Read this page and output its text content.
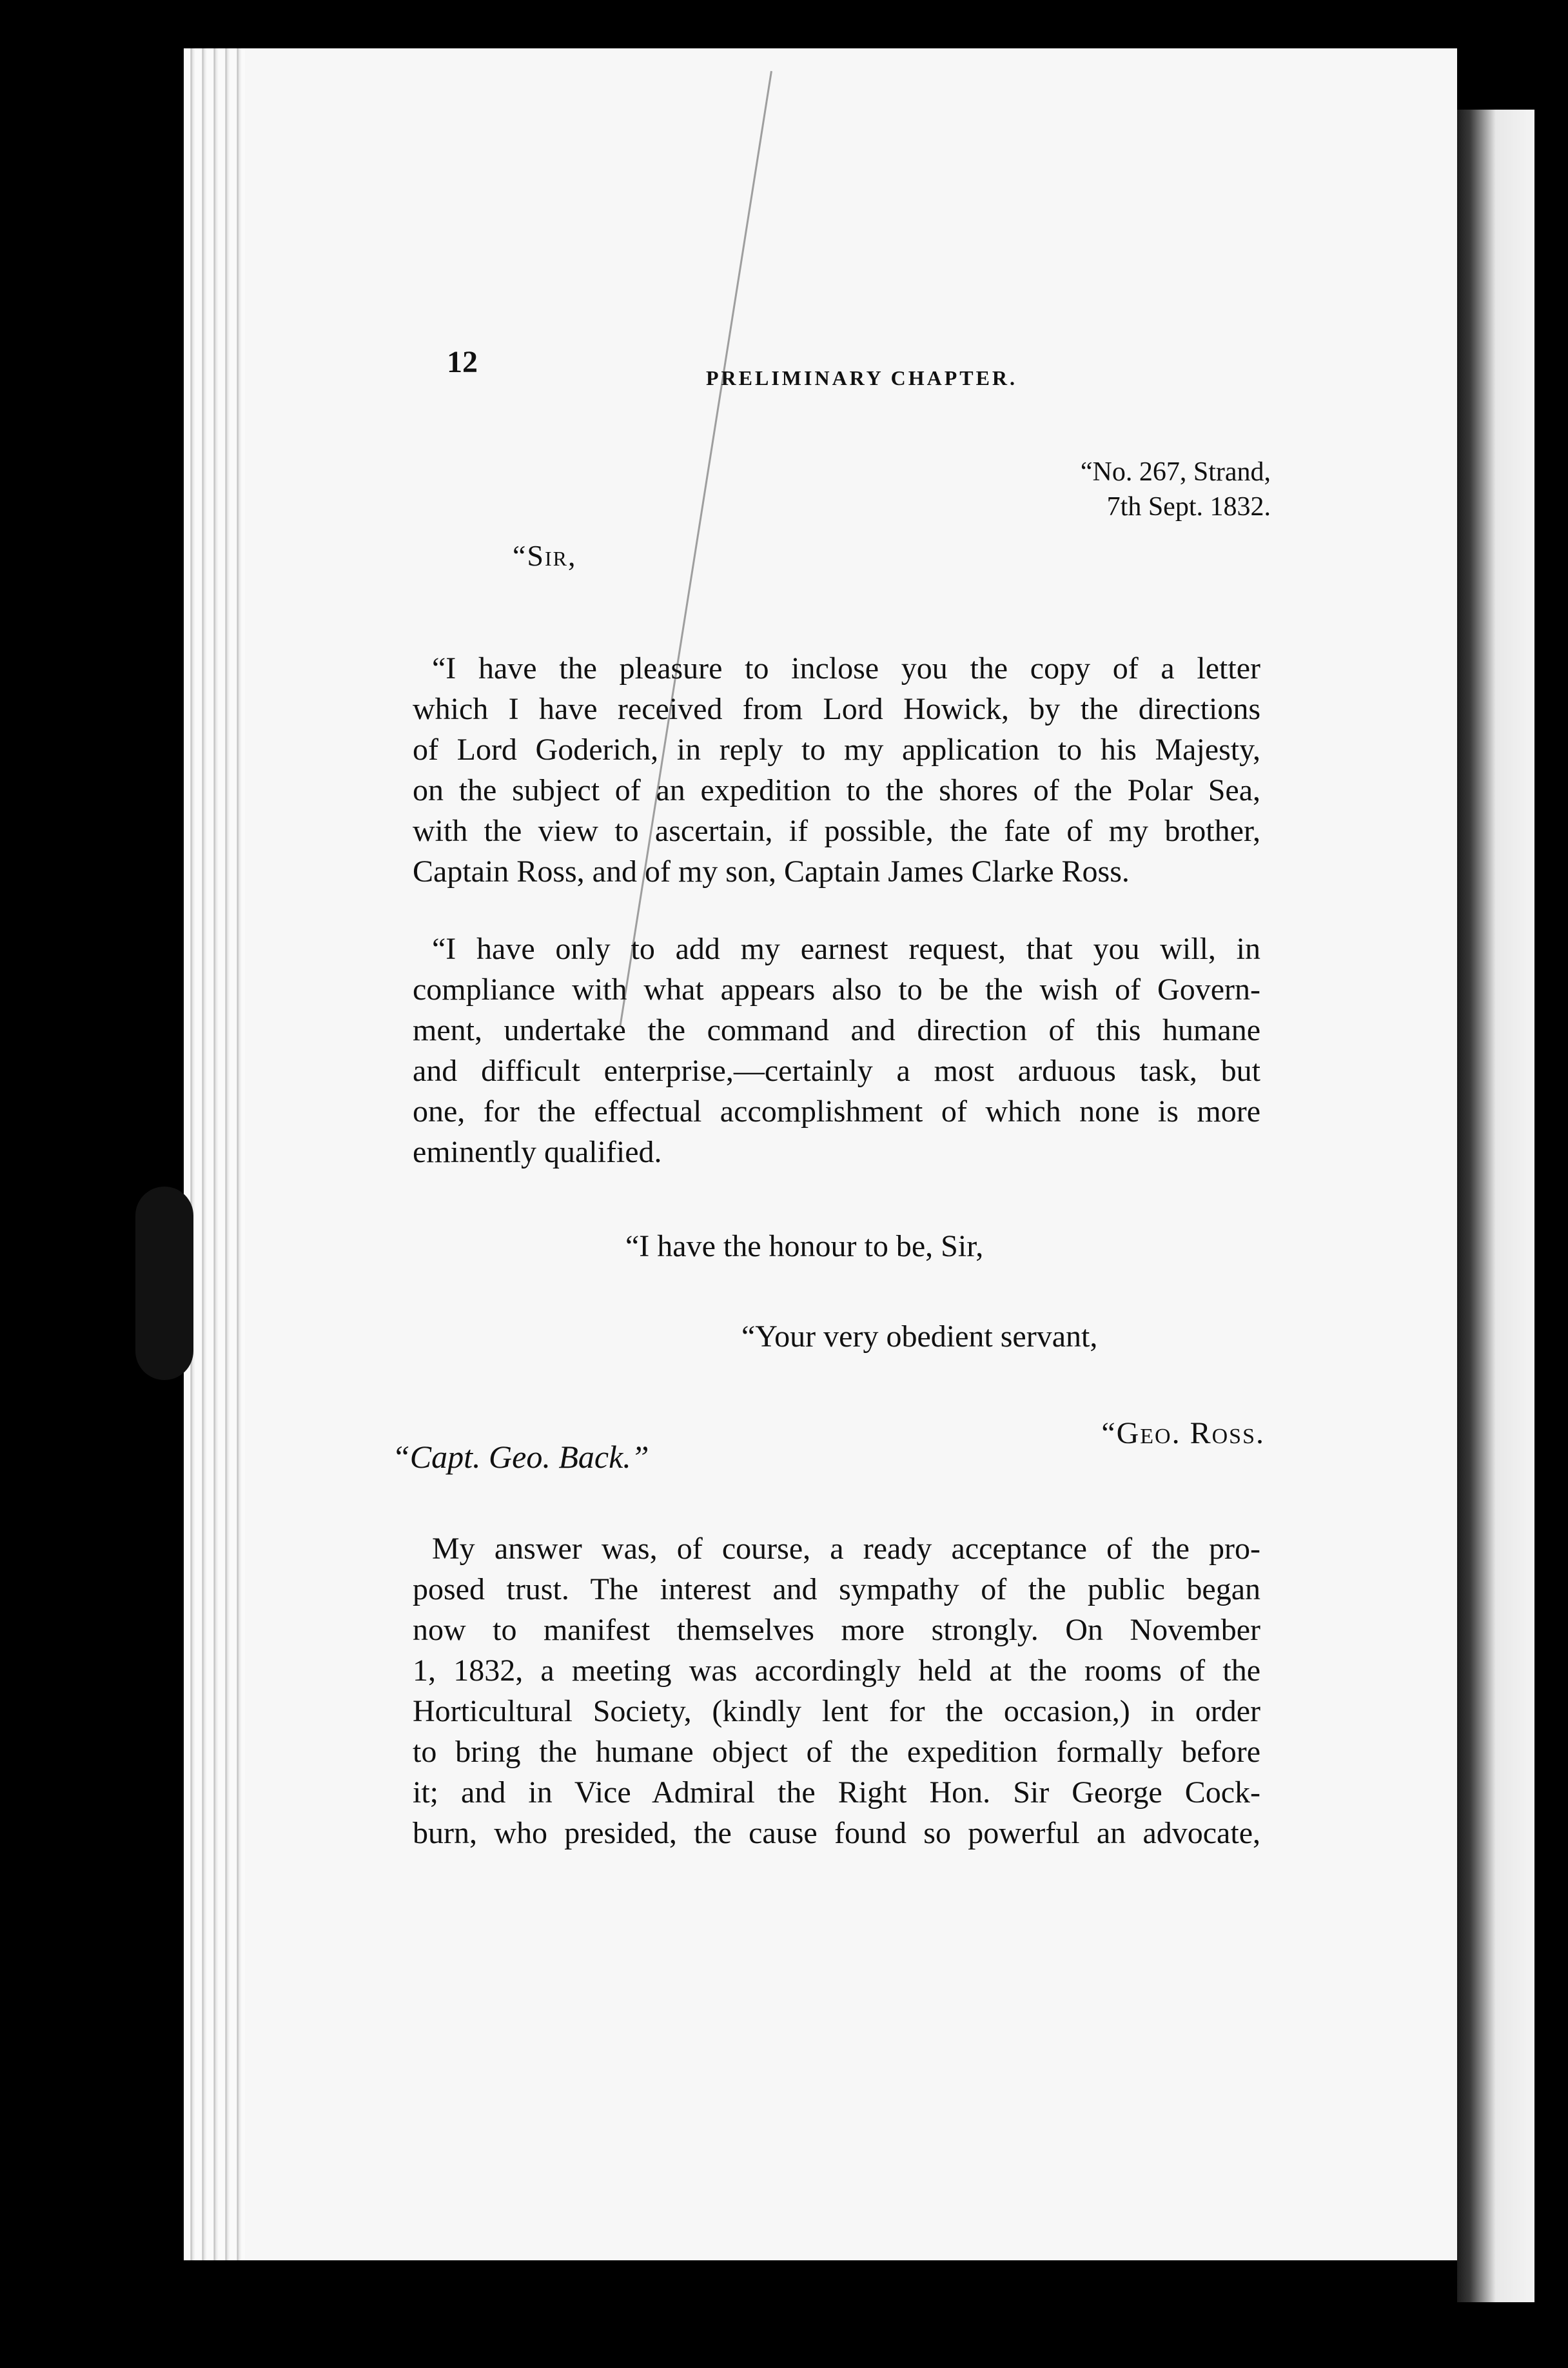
12	PRELIMINARY CHAPTER.
“No. 267, Strand,
7th Sept. 1832.
“Sir,
“I have the pleasure to inclose you the copy of a letter
which I have received from Lord Howick, by the directions
of Lord Goderich, in reply to my application to his Majesty,
on the subject of an expedition to the shores of the Polar Sea,
with the view to ascertain, if possible, the fate of my brother,
Captain Ross, and of my son, Captain James Clarke Ross.
“I have only to add my earnest request, that you will, in
compliance with what appears also to be the wish of Govern-
ment, undertake the command and direction of this humane
and difficult enterprise,—certainly a most arduous task, but
one, for the effectual accomplishment of which none is more
eminently qualified.
“I have the honour to be, Sir,
“Your very obedient servant,
“Geo. Ross.
“Capt. Geo. Back.”
My answer was, of course, a ready acceptance of the pro-
posed trust. The interest and sympathy of the public began
now to manifest themselves more strongly. On November
1, 1832, a meeting was accordingly held at the rooms of the
Horticultural Society, (kindly lent for the occasion,) in order
to bring the humane object of the expedition formally before
it; and in Vice Admiral the Right Hon. Sir George Cock-
burn, who presided, the cause found so powerful an advocate,
